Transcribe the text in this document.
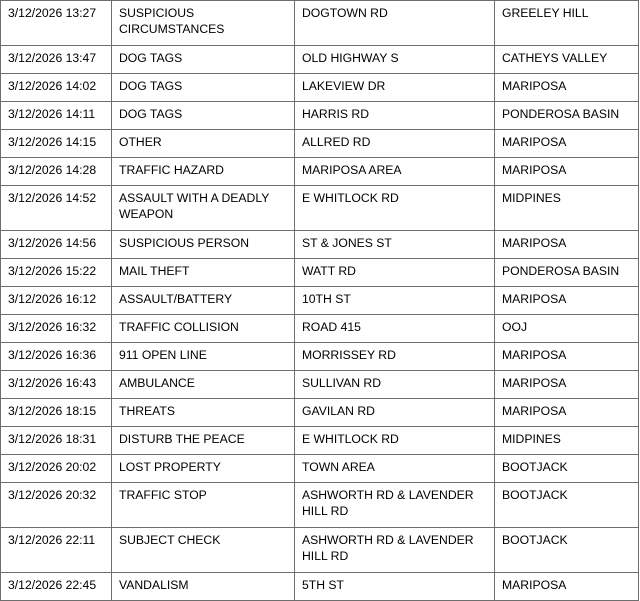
3/12/2026 13:27	SUSPICIOUS CIRCUMSTANCES	DOGTOWN RD	GREELEY HILL
3/12/2026 13:47	DOG TAGS	OLD HIGHWAY S	CATHEYS VALLEY
3/12/2026 14:02	DOG TAGS	LAKEVIEW DR	MARIPOSA
3/12/2026 14:11	DOG TAGS	HARRIS RD	PONDEROSA BASIN
3/12/2026 14:15	OTHER	ALLRED RD	MARIPOSA
3/12/2026 14:28	TRAFFIC HAZARD	MARIPOSA AREA	MARIPOSA
3/12/2026 14:52	ASSAULT WITH A DEADLY WEAPON	E WHITLOCK RD	MIDPINES
3/12/2026 14:56	SUSPICIOUS PERSON	ST & JONES ST	MARIPOSA
3/12/2026 15:22	MAIL THEFT	WATT RD	PONDEROSA BASIN
3/12/2026 16:12	ASSAULT/BATTERY	10TH ST	MARIPOSA
3/12/2026 16:32	TRAFFIC COLLISION	ROAD 415	OOJ
3/12/2026 16:36	911 OPEN LINE	MORRISSEY RD	MARIPOSA
3/12/2026 16:43	AMBULANCE	SULLIVAN RD	MARIPOSA
3/12/2026 18:15	THREATS	GAVILAN RD	MARIPOSA
3/12/2026 18:31	DISTURB THE PEACE	E WHITLOCK RD	MIDPINES
3/12/2026 20:02	LOST PROPERTY	TOWN AREA	BOOTJACK
3/12/2026 20:32	TRAFFIC STOP	ASHWORTH RD & LAVENDER HILL RD	BOOTJACK
3/12/2026 22:11	SUBJECT CHECK	ASHWORTH RD & LAVENDER HILL RD	BOOTJACK
3/12/2026 22:45	VANDALISM	5TH ST	MARIPOSA
